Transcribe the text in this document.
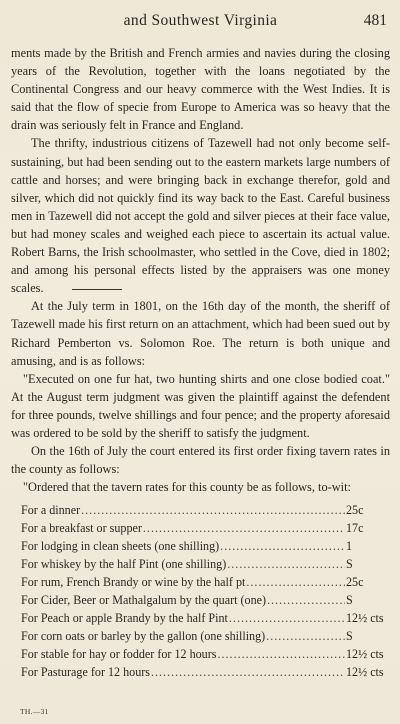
and Southwest Virginia	481

ments made by the British and French armies and navies during the closing years of the Revolution, together with the loans negotiated by the Continental Congress and our heavy commerce with the West Indies. It is said that the flow of specie from Europe to America was so heavy that the drain was seriously felt in France and England.

The thrifty, industrious citizens of Tazewell had not only become self-sustaining, but had been sending out to the eastern markets large numbers of cattle and horses; and were bringing back in exchange therefor, gold and silver, which did not quickly find its way back to the East. Careful business men in Tazewell did not accept the gold and silver pieces at their face value, but had money scales and weighed each piece to ascertain its actual value. Robert Barns, the Irish schoolmaster, who settled in the Cove, died in 1802; and among his personal effects listed by the appraisers was one money scales.

At the July term in 1801, on the 16th day of the month, the sheriff of Tazewell made his first return on an attachment, which had been sued out by Richard Pemberton vs. Solomon Roe. The return is both unique and amusing, and is as follows:

"Executed on one fur hat, two hunting shirts and one close bodied coat." At the August term judgment was given the plaintiff against the defendent for three pounds, twelve shillings and four pence; and the property aforesaid was ordered to be sold by the sheriff to satisfy the judgment.

On the 16th of July the court entered its first order fixing tavern rates in the county as follows:

"Ordered that the tavern rates for this county be as follows, to-wit:

For a dinner .....	25c
For a breakfast or supper .....	17c
For lodging in clean sheets (one shilling) .....	1
For whiskey by the half Pint (one shilling) .....	S
For rum, French Brandy or wine by the half pt .....	25c
For Cider, Beer or Mathalgalum by the quart (one) .....	S
For Peach or apple Brandy by the half Pint .....	12½ cts
For corn oats or barley by the gallon (one shilling) .....	S
For stable for hay or fodder for 12 hours .....	12½ cts
For Pasturage for 12 hours .....	12½ cts
TH.—31
